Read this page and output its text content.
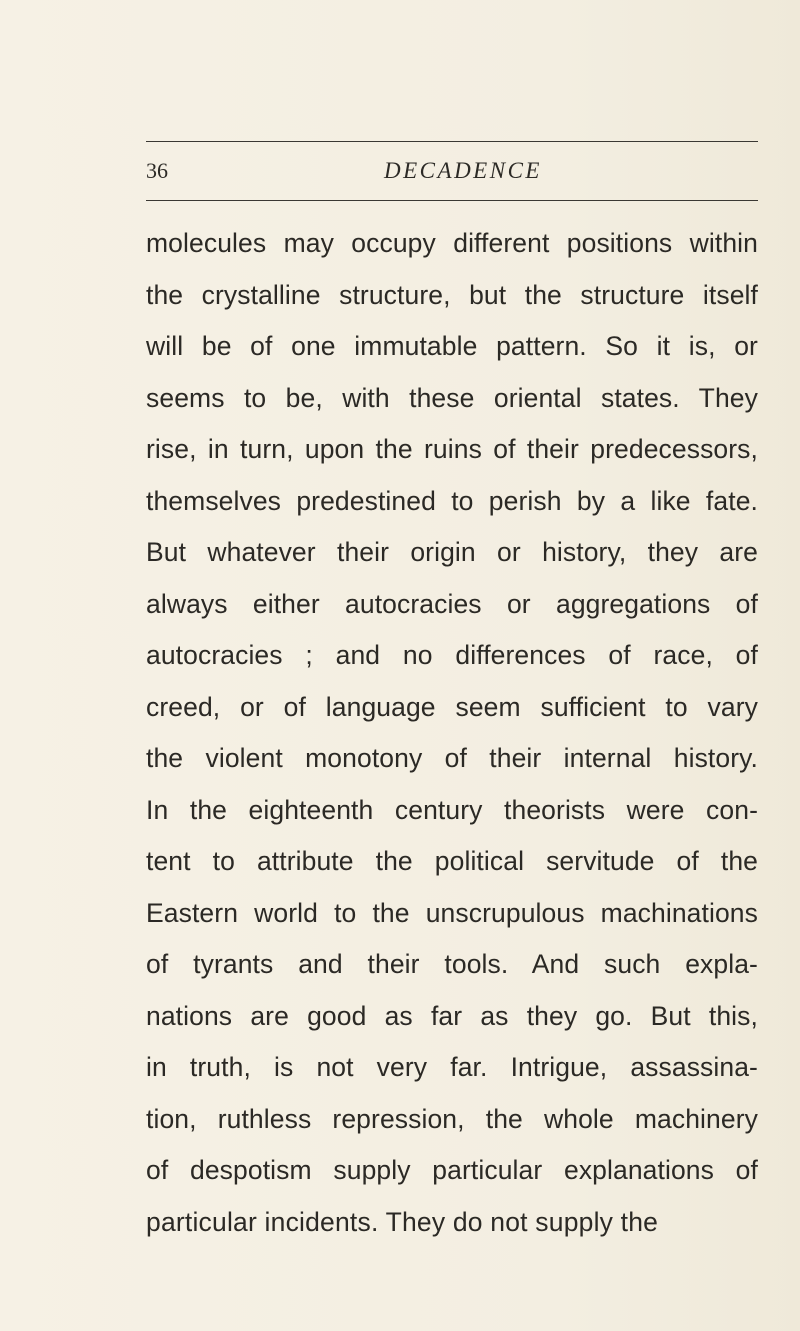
36	DECADENCE
molecules may occupy different positions within
the crystalline structure, but the structure itself
will be of one immutable pattern. So it is, or
seems to be, with these oriental states. They
rise, in turn, upon the ruins of their predecessors,
themselves predestined to perish by a like fate.
But whatever their origin or history, they are
always either autocracies or aggregations of
autocracies ; and no differences of race, of
creed, or of language seem sufficient to vary
the violent monotony of their internal history.
In the eighteenth century theorists were con-
tent to attribute the political servitude of the
Eastern world to the unscrupulous machinations
of tyrants and their tools. And such expla-
nations are good as far as they go. But this,
in truth, is not very far. Intrigue, assassina-
tion, ruthless repression, the whole machinery
of despotism supply particular explanations of
particular incidents. They do not supply the
